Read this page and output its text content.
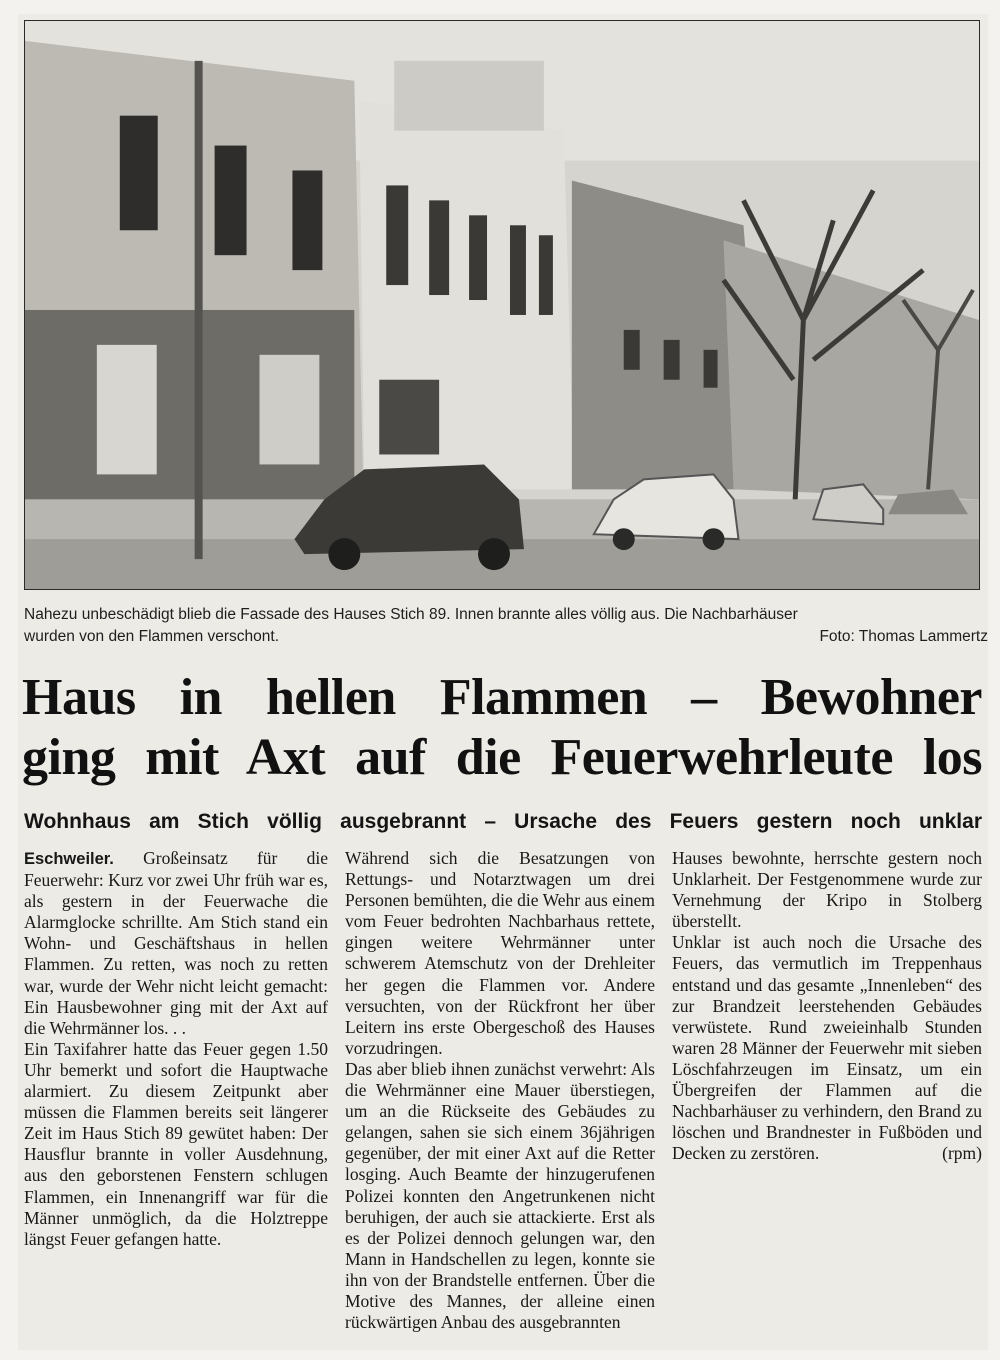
Nahezu unbeschädigt blieb die Fassade des Hauses Stich 89. Innen brannte alles völlig aus. Die Nachbarhäuser
wurden von den Flammen verschont.	Foto: Thomas Lammertz
Haus in hellen Flammen – Bewohner
ging mit Axt auf die Feuerwehrleute los
Wohnhaus am Stich völlig ausgebrannt – Ursache des Feuers gestern noch unklar

Eschweiler. Großeinsatz für die Feuerwehr: Kurz vor zwei Uhr früh war es, als gestern in der Feuerwache die Alarmglocke schrillte. Am Stich stand ein Wohn- und Geschäftshaus in hellen Flammen. Zu retten, was noch zu retten war, wurde der Wehr nicht leicht gemacht: Ein Hausbewohner ging mit der Axt auf die Wehrmänner los. . .

Ein Taxifahrer hatte das Feuer gegen 1.50 Uhr bemerkt und sofort die Hauptwache alarmiert. Zu diesem Zeitpunkt aber müssen die Flammen bereits seit längerer Zeit im Haus Stich 89 gewütet haben: Der Hausflur brannte in voller Ausdehnung, aus den geborstenen Fenstern schlugen Flammen, ein Innenangriff war für die Männer unmöglich, da die Holztreppe längst Feuer gefangen hatte.

Während sich die Besatzungen von Rettungs- und Notarztwagen um drei Personen bemühten, die die Wehr aus einem vom Feuer bedrohten Nachbarhaus rettete, gingen weitere Wehrmänner unter schwerem Atemschutz von der Drehleiter her gegen die Flammen vor. Andere versuchten, von der Rückfront her über Leitern ins erste Obergeschoß des Hauses vorzudringen.

Das aber blieb ihnen zunächst verwehrt: Als die Wehrmänner eine Mauer überstiegen, um an die Rückseite des Gebäudes zu gelangen, sahen sie sich einem 36jährigen gegenüber, der mit einer Axt auf die Retter losging. Auch Beamte der hinzugerufenen Polizei konnten den Angetrunkenen nicht beruhigen, der auch sie attackierte. Erst als es der Polizei dennoch gelungen war, den Mann in Handschellen zu legen, konnte sie ihn von der Brandstelle entfernen. Über die Motive des Mannes, der alleine einen rückwärtigen Anbau des ausgebrannten

Hauses bewohnte, herrschte gestern noch Unklarheit. Der Festgenommene wurde zur Vernehmung der Kripo in Stolberg überstellt.

Unklar ist auch noch die Ursache des Feuers, das vermutlich im Treppenhaus entstand und das gesamte „Innenleben“ des zur Brandzeit leerstehenden Gebäudes verwüstete. Rund zweieinhalb Stunden waren 28 Männer der Feuerwehr mit sieben Löschfahrzeugen im Einsatz, um ein Übergreifen der Flammen auf die Nachbarhäuser zu verhindern, den Brand zu löschen und Brandnester in Fußböden und Decken zu zerstören.	(rpm)
